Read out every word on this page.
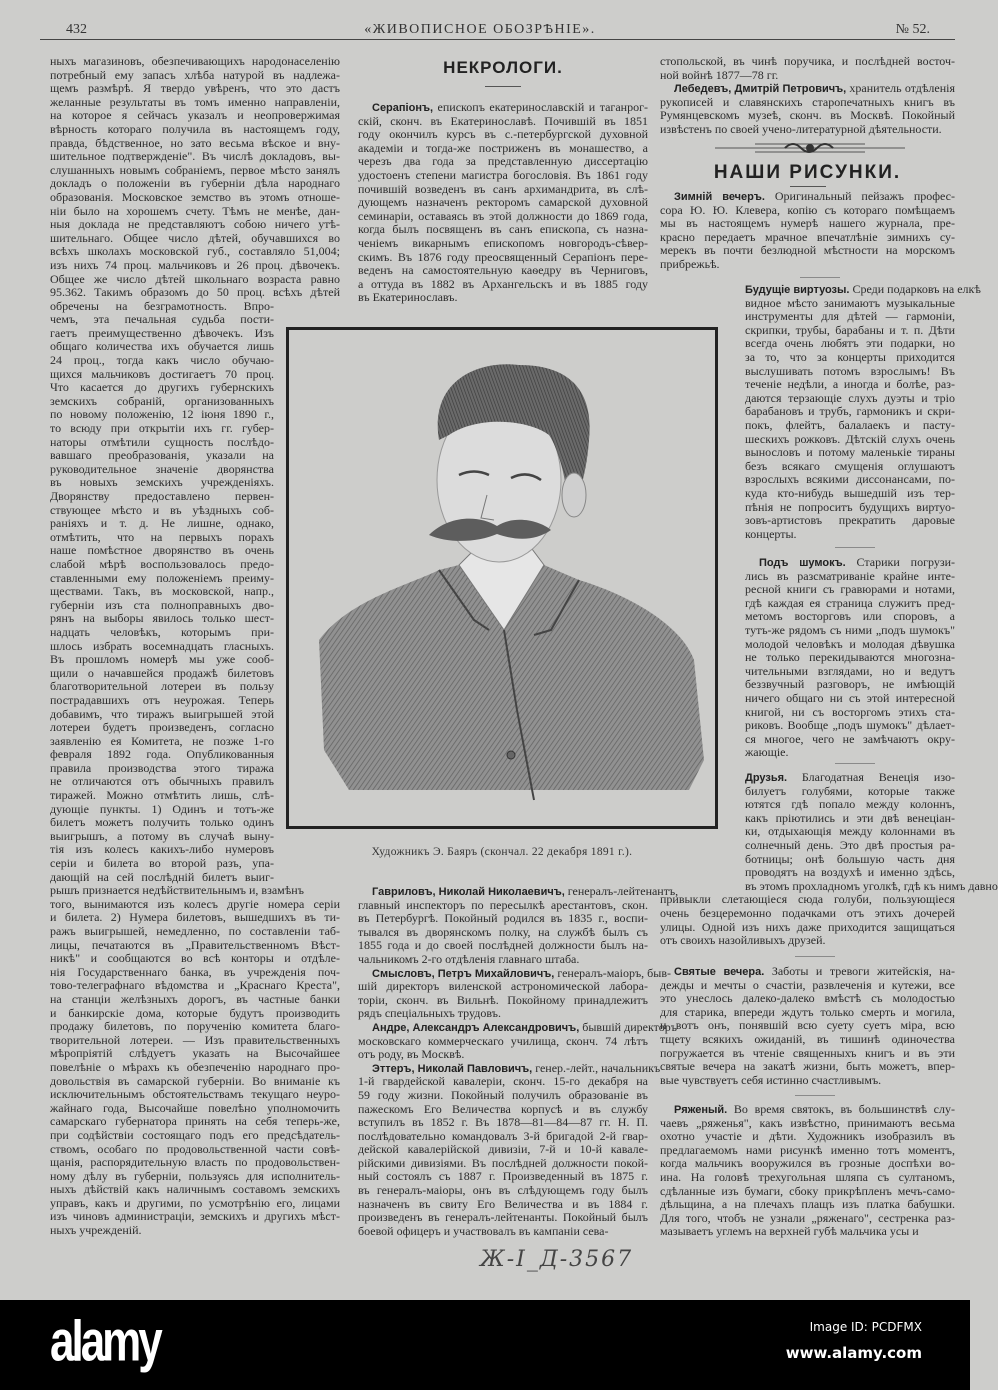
432	«ЖИВОПИСНОЕ ОБОЗРѢНІЕ».	№ 52.
ныхъ магазиновъ, обезпечивающихъ народонаселенію
потребный ему запасъ хлѣба натурой въ надлежа-
щемъ размѣрѣ. Я твердо увѣренъ, что это дастъ
желанные результаты въ томъ именно направленіи,
на которое я сейчасъ указалъ и неопровержимая
вѣрность котораго получила въ настоящемъ году,
правда, бѣдственное, но зато весьма вѣское и вну-
шительное подтвержденіе". Въ числѣ докладовъ, вы-
слушанныхъ новымъ собраніемъ, первое мѣсто занялъ
докладъ о положеніи въ губерніи дѣла народнаго
образованія. Московское земство въ этомъ отноше-
ніи было на хорошемъ счету. Тѣмъ не менѣе, дан-
ныя доклада не представляютъ собою ничего утѣ-
шительнаго. Общее число дѣтей, обучавшихся во
всѣхъ школахъ московской губ., составляло 51,004;
изъ нихъ 74 проц. мальчиковъ и 26 проц. дѣвочекъ.
Общее же число дѣтей школьнаго возраста равно
95.362. Такимъ образомъ до 50 проц. всѣхъ дѣтей
обречены на безграмотность. Впро-
чемъ, эта печальная судьба пости-
гаетъ преимущественно дѣвочекъ. Изъ
общаго количества ихъ обучается лишь
24 проц., тогда какъ число обучаю-
щихся мальчиковъ достигаетъ 70 проц.
Что касается до другихъ губернскихъ
земскихъ собраній, организованныхъ
по новому положенію, 12 іюня 1890 г.,
то всюду при открытіи ихъ гг. губер-
наторы отмѣтили сущность послѣдо-
вавшаго преобразованія, указали на
руководительное значеніе дворянства
въ новыхъ земскихъ учрежденіяхъ.
Дворянству предоставлено первен-
ствующее мѣсто и въ уѣздныхъ соб-
раніяхъ и т. д. Не лишне, однако,
отмѣтить, что на первыхъ порахъ
наше помѣстное дворянство въ очень
слабой мѣрѣ воспользовалось предо-
ставленными ему положеніемъ преиму-
ществами. Такъ, въ московской, напр.,
губерніи изъ ста полноправныхъ дво-
рянъ на выборы явилось только шест-
надцать человѣкъ, которымъ при-
шлось избрать восемнадцать гласныхъ.
Въ прошломъ номерѣ мы уже сооб-
щили о начавшейся продажѣ билетовъ
благотворительной лотереи въ пользу
пострадавшихъ отъ неурожая. Теперь
добавимъ, что тиражъ выигрышей этой
лотереи будетъ произведенъ, согласно
заявленію ея Комитета, не позже 1-го
февраля 1892 года. Опубликованныя
правила производства этого тиража
не отличаются отъ обычныхъ правилъ
тиражей. Можно отмѣтить лишь, слѣ-
дующіе пункты. 1) Одинъ и тотъ-же
билетъ можетъ получить только одинъ
выигрышъ, а потому въ случаѣ выну-
тія изъ колесъ какихъ-либо нумеровъ
серіи и билета во второй разъ, упа-
дающій на сей послѣдній билетъ выиг-
рышъ признается недѣйствительнымъ и, взамѣнъ
того, вынимаются изъ колесъ другіе номера серіи
и билета. 2) Нумера билетовъ, вышедшихъ въ ти-
ражъ выигрышей, немедленно, по составленіи таб-
лицы, печатаются въ „Правительственномъ Вѣст-
никѣ" и сообщаются во всѣ конторы и отдѣле-
нія Государственнаго банка, въ учрежденія поч-
тово-телеграфнаго вѣдомства и „Краснаго Креста",
на станціи желѣзныхъ дорогъ, въ частные банки
и банкирскіе дома, которые будутъ производить
продажу билетовъ, по порученію комитета благо-
творительной лотереи. — Изъ правительственныхъ
мѣропріятій слѣдуетъ указать на Высочайшее
повелѣніе о мѣрахъ къ обезпеченію народнаго про-
довольствія въ самарской губерніи. Во вниманіе къ
исключительнымъ обстоятельствамъ текущаго неуро-
жайнаго года, Высочайше повелѣно уполномочить
самарскаго губернатора принять на себя теперь-же,
при содѣйствіи состоящаго подъ его предсѣдатель-
ствомъ, особаго по продовольственной части совѣ-
щанія, распорядительную власть по продовольствен-
ному дѣлу въ губерніи, пользуясь для исполнитель-
ныхъ дѣйствій какъ наличнымъ составомъ земскихъ
управъ, какъ и другими, по усмотрѣнію его, лицами
изъ чиновъ администраціи, земскихъ и другихъ мѣст-
ныхъ учрежденій.
НЕКРОЛОГИ.
Серапіонъ, епископъ екатеринославскій и таганрог-
скій, сконч. въ Екатеринославѣ. Почившій въ 1851
году окончилъ курсъ въ с.-петербургской духовной
академіи и тогда-же постриженъ въ монашество, а
черезъ два года за представленную диссертацію
удостоенъ степени магистра богословія. Въ 1861 году
почившій возведенъ въ санъ архимандрита, въ слѣ-
дующемъ назначенъ ректоромъ самарской духовной
семинаріи, оставаясь въ этой должности до 1869 года,
когда былъ посвященъ въ санъ епископа, съ назна-
ченіемъ викарнымъ епископомъ новгородъ-сѣвер-
скимъ. Въ 1876 году преосвященный Серапіонъ пере-
веденъ на самостоятельную каѳедру въ Черниговъ,
а оттуда въ 1882 въ Архангельскъ и въ 1885 году
въ Екатеринославъ.
Художникъ Э. Баяръ (скончал. 22 декабря 1891 г.).
Гавриловъ, Николай Николаевичъ, генералъ-лейтенантъ,
главный инспекторъ по пересылкѣ арестантовъ, скон.
въ Петербургѣ. Покойный родился въ 1835 г., воспи-
тывался въ дворянскомъ полку, на службѣ былъ съ
1855 года и до своей послѣдней должности былъ на-
чальникомъ 2-го отдѣленія главнаго штаба.
Смысловъ, Петръ Михайловичъ, генералъ-маіоръ, быв-
шій директоръ виленской астрономической лабора-
торіи, сконч. въ Вильнѣ. Покойному принадлежитъ
рядъ спеціальныхъ трудовъ.
Андре, Александръ Александровичъ, бывшій директоръ
московскаго коммерческаго училища, сконч. 74 лѣтъ
отъ роду, въ Москвѣ.
Эттеръ, Николай Павловичъ, генер.-лейт., начальникъ
1-й гвардейской кавалеріи, сконч. 15-го декабря на
59 году жизни. Покойный получилъ образованіе въ
пажескомъ Его Величества корпусѣ и въ службу
вступилъ въ 1852 г. Въ 1878—81—84—87 гг. Н. П.
послѣдовательно командовалъ 3-й бригадой 2-й гвар-
дейской кавалерійской дивизіи, 7-й и 10-й кавале-
рійскими дивизіями. Въ послѣдней должности покой-
ный состоялъ съ 1887 г. Произведенный въ 1875 г.
въ генералъ-маіоры, онъ въ слѣдующемъ году былъ
назначенъ въ свиту Его Величества и въ 1884 г.
произведенъ въ генералъ-лейтенанты. Покойный былъ
боевой офицеръ и участвовалъ въ кампаніи сева-
стопольской, въ чинѣ поручика, и послѣдней восточ-
ной войнѣ 1877—78 гг.
Лебедевъ, Дмитрій Петровичъ, хранитель отдѣленія
рукописей и славянскихъ старопечатныхъ книгъ въ
Румянцевскомъ музеѣ, сконч. въ Москвѣ. Покойный
извѣстенъ по своей учено-литературной дѣятельности.
НАШИ РИСУНКИ.
Зимній вечеръ. Оригинальный пейзажъ профес-
сора Ю. Ю. Клевера, копію съ котораго помѣщаемъ
мы въ настоящемъ нумерѣ нашего журнала, пре-
красно передаетъ мрачное впечатлѣніе зимнихъ су-
мерекъ въ почти безлюдной мѣстности на морскомъ
прибрежьѣ.
Будущіе виртуозы. Среди подарковъ на елкѣ
видное мѣсто занимаютъ музыкальные
инструменты для дѣтей — гармоніи,
скрипки, трубы, барабаны и т. п. Дѣти
всегда очень любятъ эти подарки, но
за то, что за концерты приходится
выслушивать потомъ взрослымъ! Въ
теченіе недѣли, а иногда и болѣе, раз-
даются терзающіе слухъ дуэты и тріо
барабановъ и трубъ, гармоникъ и скри-
покъ, флейтъ, балалаекъ и пасту-
шескихъ рожковъ. Дѣтскій слухъ очень
вынословъ и потому маленькіе тираны
безъ всякаго смущенія оглушаютъ
взрослыхъ всякими диссонансами, по-
куда кто-нибудь вышедшій изъ тер-
пѣнія не попроситъ будущихъ виртуо-
зовъ-артистовъ прекратить даровые
концерты.
Подъ шумокъ. Старики погрузи-
лись въ разсматриваніе крайне инте-
ресной книги съ гравюрами и нотами,
гдѣ каждая ея страница служитъ пред-
метомъ восторговъ или споровъ, а
тутъ-же рядомъ съ ними „подъ шумокъ"
молодой человѣкъ и молодая дѣвушка
не только перекидываются многозна-
чительными взглядами, но и ведутъ
беззвучный разговоръ, не имѣющій
ничего общаго ни съ этой интересной
книгой, ни съ восторгомъ этихъ ста-
риковъ. Вообще „подъ шумокъ" дѣлает-
ся многое, чего не замѣчаютъ окру-
жающіе.
Друзья. Благодатная Венеція изо-
билуетъ голубями, которые также
ютятся гдѣ попало между колоннъ,
какъ пріютились и эти двѣ венеціан-
ки, отдыхающія между колоннами въ
солнечный день. Это двѣ простыя ра-
ботницы; онѣ большую часть дня
проводятъ на воздухѣ и именно здѣсь,
въ этомъ прохладномъ уголкѣ, гдѣ къ нимъ давно
привыкли слетающіеся сюда голуби, пользующіеся
очень безцеремонно подачками отъ этихъ дочерей
улицы. Одной изъ нихъ даже приходится защищаться
отъ своихъ назойливыхъ друзей.
Святые вечера. Заботы и тревоги житейскія, на-
дежды и мечты о счастіи, развлеченія и кутежи, все
это унеслось далеко-далеко вмѣстѣ съ молодостью
для старика, впереди ждутъ только смерть и могила,
и вотъ онъ, понявшій всю суету суетъ міра, всю
тщету всякихъ ожиданій, въ тишинѣ одиночества
погружается въ чтеніе священныхъ книгъ и въ эти
святые вечера на закатѣ жизни, быть можетъ, впер-
вые чувствуетъ себя истинно счастливымъ.
Ряженый. Во время святокъ, въ большинствѣ слу-
чаевъ „ряженья", какъ извѣстно, принимаютъ весьма
охотно участіе и дѣти. Художникъ изобразилъ въ
предлагаемомъ нами рисункѣ именно тотъ моментъ,
когда мальчикъ вооружился въ грозные доспѣхи во-
ина. На головѣ трехугольная шляпа съ султаномъ,
сдѣланные изъ бумаги, сбоку прикрѣпленъ мечъ-само-
дѣльщина, а на плечахъ плащъ изъ платка бабушки.
Для того, чтобъ не узнали „ряженаго", сестренка раз-
мазываетъ углемъ на верхней губѣ мальчика усы и
Ж-І_Д-3567
alamy	Image ID: PCDFMX
www.alamy.com
